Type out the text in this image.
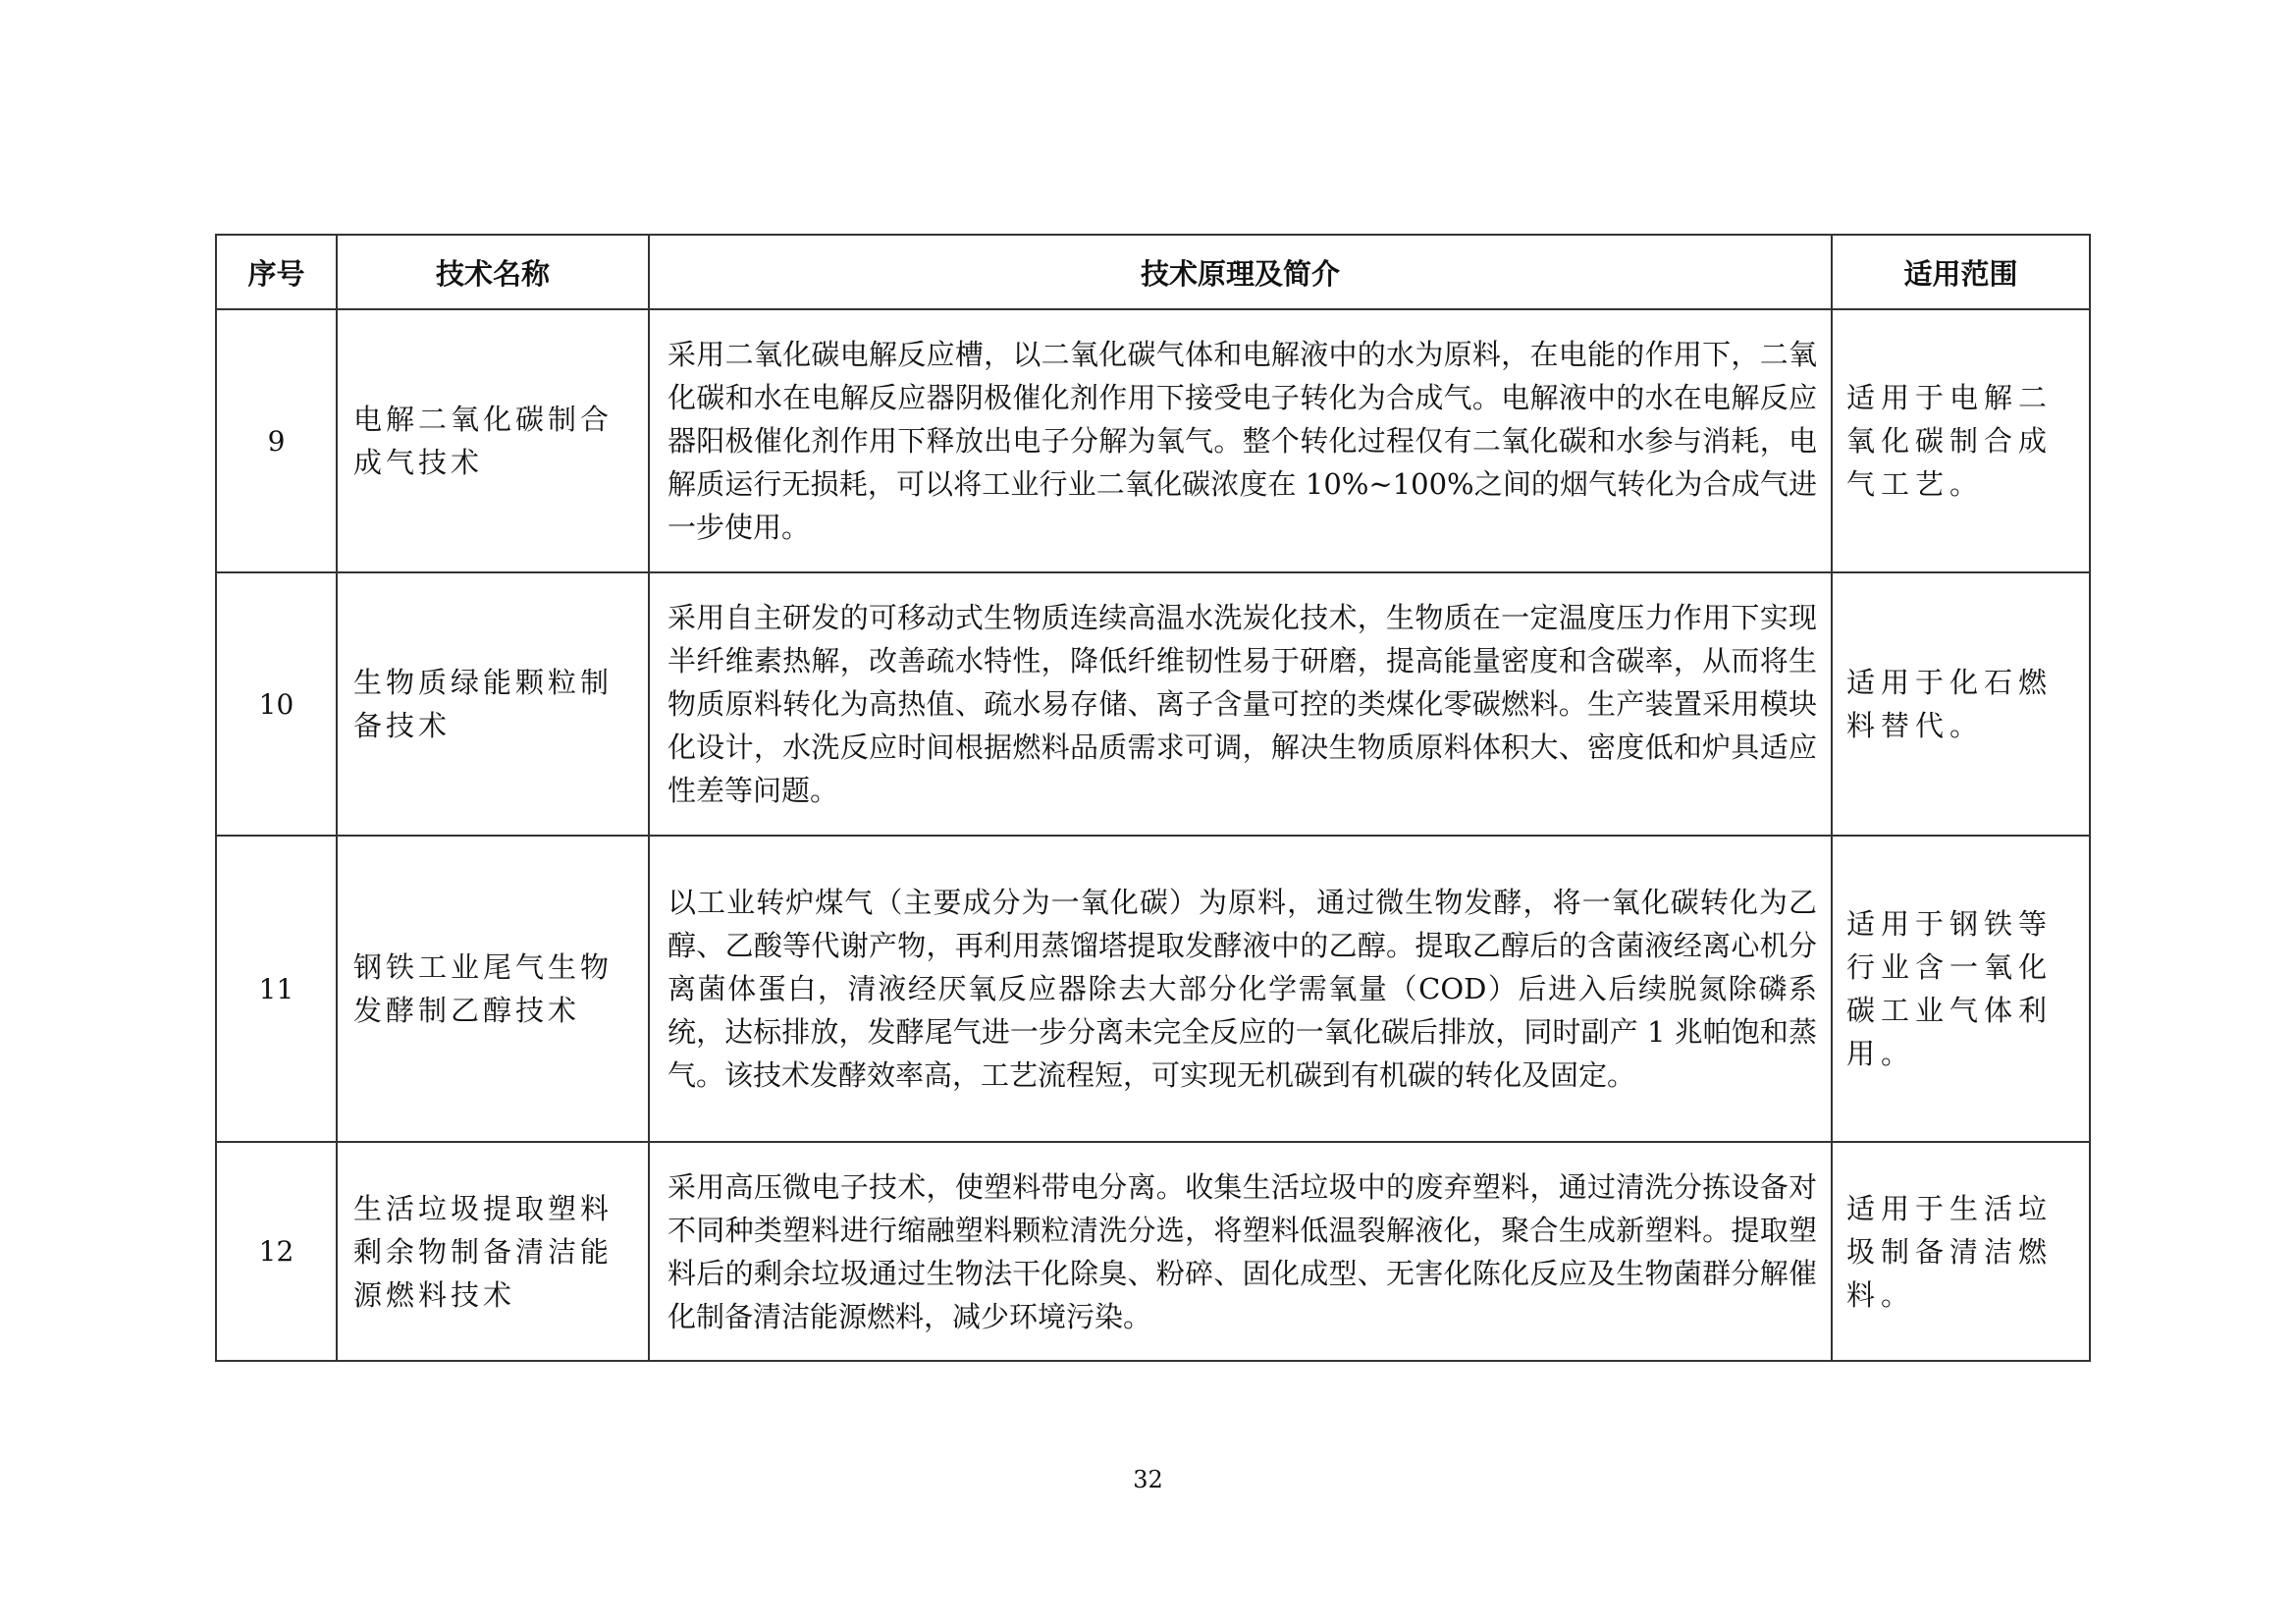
序号	技术名称	技术原理及简介	适用范围
9	电解二氧化碳制合成气技术	采用二氧化碳电解反应槽，以二氧化碳气体和电解液中的水为原料，在电能的作用下，二氧化碳和水在电解反应器阴极催化剂作用下接受电子转化为合成气。电解液中的水在电解反应器阳极催化剂作用下释放出电子分解为氧气。整个转化过程仅有二氧化碳和水参与消耗，电解质运行无损耗，可以将工业行业二氧化碳浓度在 10%~100%之间的烟气转化为合成气进一步使用。	适用于电解二氧化碳制合成气工艺。
10	生物质绿能颗粒制备技术	采用自主研发的可移动式生物质连续高温水洗炭化技术，生物质在一定温度压力作用下实现半纤维素热解，改善疏水特性，降低纤维韧性易于研磨，提高能量密度和含碳率，从而将生物质原料转化为高热值、疏水易存储、离子含量可控的类煤化零碳燃料。生产装置采用模块化设计，水洗反应时间根据燃料品质需求可调，解决生物质原料体积大、密度低和炉具适应性差等问题。	适用于化石燃料替代。
11	钢铁工业尾气生物发酵制乙醇技术	以工业转炉煤气（主要成分为一氧化碳）为原料，通过微生物发酵，将一氧化碳转化为乙醇、乙酸等代谢产物，再利用蒸馏塔提取发酵液中的乙醇。提取乙醇后的含菌液经离心机分离菌体蛋白，清液经厌氧反应器除去大部分化学需氧量（COD）后进入后续脱氮除磷系统，达标排放，发酵尾气进一步分离未完全反应的一氧化碳后排放，同时副产 1 兆帕饱和蒸气。该技术发酵效率高，工艺流程短，可实现无机碳到有机碳的转化及固定。	适用于钢铁等行业含一氧化碳工业气体利用。
12	生活垃圾提取塑料剩余物制备清洁能源燃料技术	采用高压微电子技术，使塑料带电分离。收集生活垃圾中的废弃塑料，通过清洗分拣设备对不同种类塑料进行缩融塑料颗粒清洗分选，将塑料低温裂解液化，聚合生成新塑料。提取塑料后的剩余垃圾通过生物法干化除臭、粉碎、固化成型、无害化陈化反应及生物菌群分解催化制备清洁能源燃料，减少环境污染。	适用于生活垃圾制备清洁燃料。
32
